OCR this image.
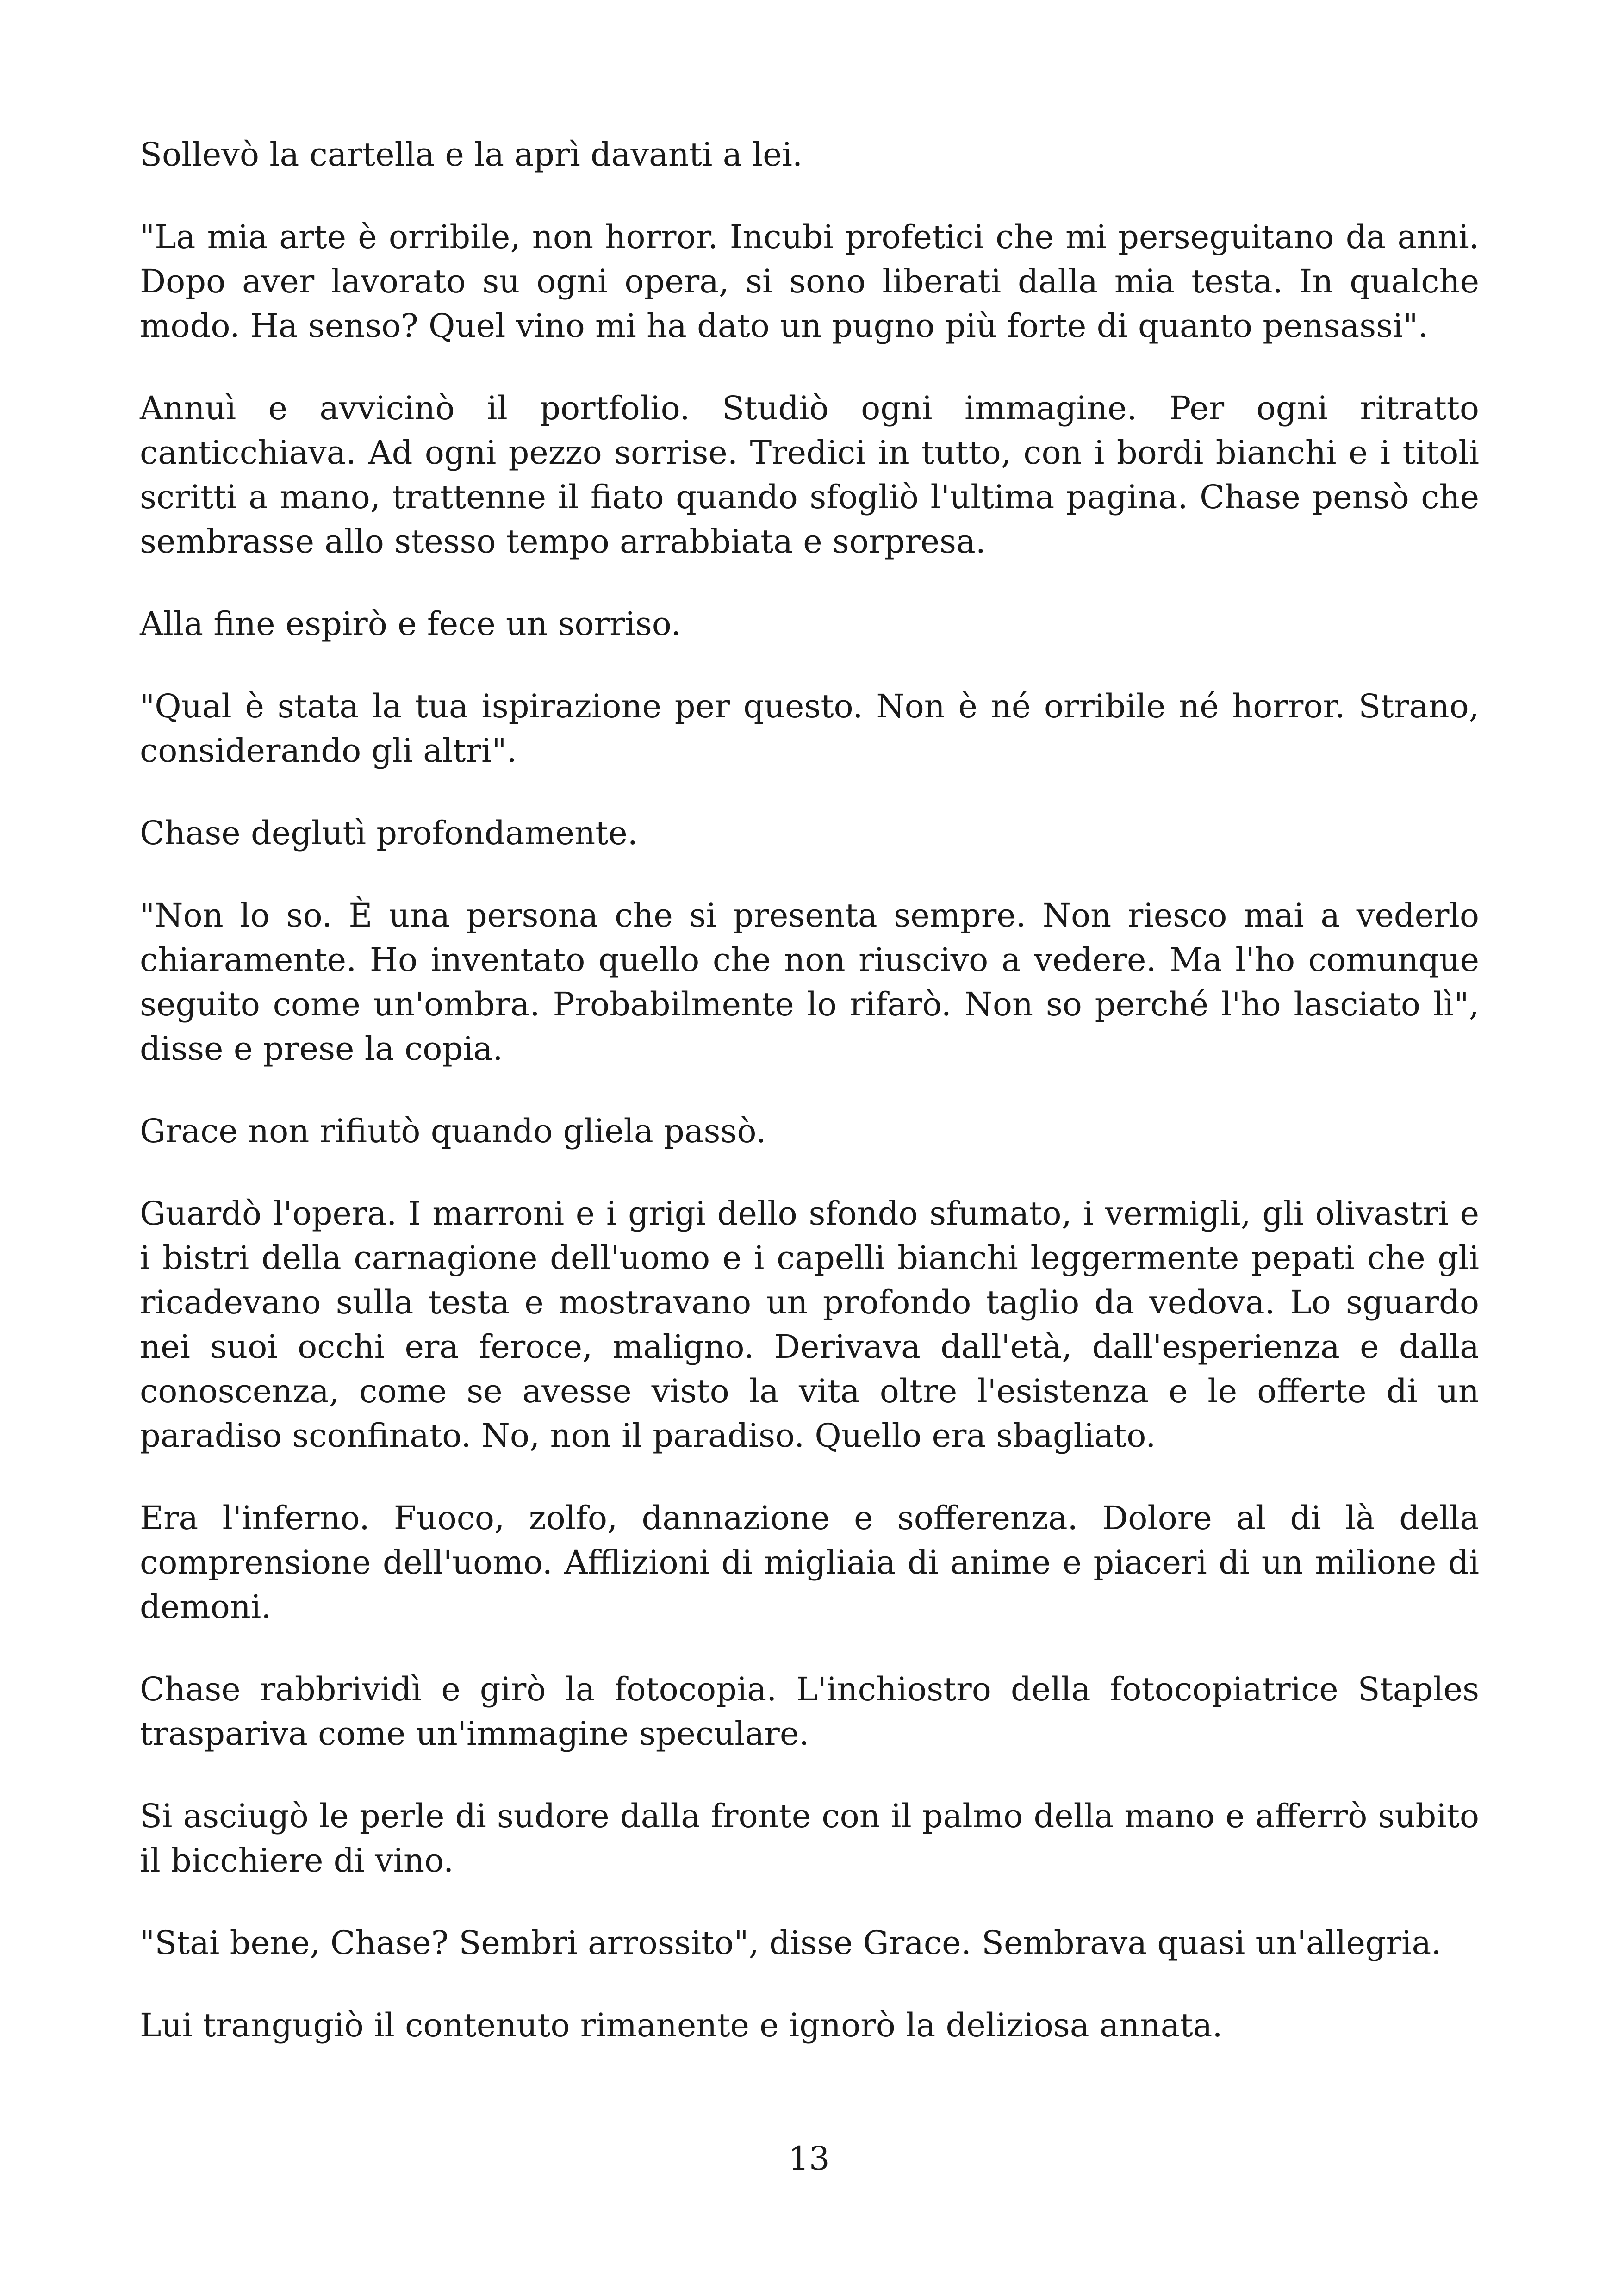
Sollevò la cartella e la aprì davanti a lei.

"La mia arte è orribile, non horror. Incubi profetici che mi perseguitano da anni. Dopo aver lavorato su ogni opera, si sono liberati dalla mia testa. In qualche modo. Ha senso? Quel vino mi ha dato un pugno più forte di quanto pensassi".

Annuì e avvicinò il portfolio. Studiò ogni immagine. Per ogni ritratto canticchiava. Ad ogni pezzo sorrise. Tredici in tutto, con i bordi bianchi e i titoli scritti a mano, trattenne il fiato quando sfogliò l'ultima pagina. Chase pensò che sembrasse allo stesso tempo arrabbiata e sorpresa.

Alla fine espirò e fece un sorriso.

"Qual è stata la tua ispirazione per questo. Non è né orribile né horror. Strano, considerando gli altri".

Chase deglutì profondamente.

"Non lo so. È una persona che si presenta sempre. Non riesco mai a vederlo chiaramente. Ho inventato quello che non riuscivo a vedere. Ma l'ho comunque seguito come un'ombra. Probabilmente lo rifarò. Non so perché l'ho lasciato lì", disse e prese la copia.

Grace non rifiutò quando gliela passò.

Guardò l'opera. I marroni e i grigi dello sfondo sfumato, i vermigli, gli olivastri e i bistri della carnagione dell'uomo e i capelli bianchi leggermente pepati che gli ricadevano sulla testa e mostravano un profondo taglio da vedova. Lo sguardo nei suoi occhi era feroce, maligno. Derivava dall'età, dall'esperienza e dalla conoscenza, come se avesse visto la vita oltre l'esistenza e le offerte di un paradiso sconfinato. No, non il paradiso. Quello era sbagliato.

Era l'inferno. Fuoco, zolfo, dannazione e sofferenza. Dolore al di là della comprensione dell'uomo. Afflizioni di migliaia di anime e piaceri di un milione di demoni.

Chase rabbrividì e girò la fotocopia. L'inchiostro della fotocopiatrice Staples traspariva come un'immagine speculare.

Si asciugò le perle di sudore dalla fronte con il palmo della mano e afferrò subito il bicchiere di vino.

"Stai bene, Chase? Sembri arrossito", disse Grace. Sembrava quasi un'allegria.

Lui trangugiò il contenuto rimanente e ignorò la deliziosa annata.

13
